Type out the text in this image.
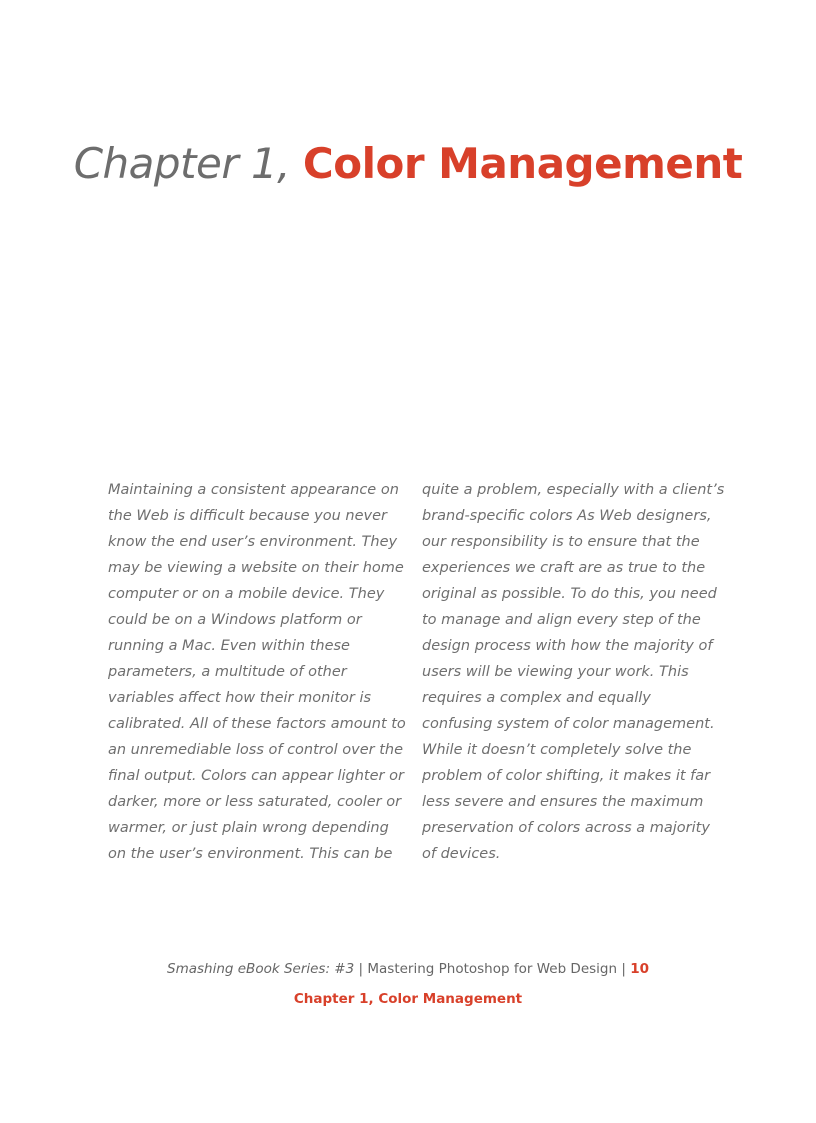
Chapter 1, Color Management
Maintaining a consistent appearance on
the Web is difficult because you never
know the end user’s environment. They
may be viewing a website on their home
computer or on a mobile device. They
could be on a Windows platform or
running a Mac. Even within these
parameters, a multitude of other
variables affect how their monitor is
calibrated. All of these factors amount to
an unremediable loss of control over the
final output. Colors can appear lighter or
darker, more or less saturated, cooler or
warmer, or just plain wrong depending
on the user’s environment. This can be
quite a problem, especially with a client’s
brand-specific colors As Web designers,
our responsibility is to ensure that the
experiences we craft are as true to the
original as possible. To do this, you need
to manage and align every step of the
design process with how the majority of
users will be viewing your work. This
requires a complex and equally
confusing system of color management.
While it doesn’t completely solve the
problem of color shifting, it makes it far
less severe and ensures the maximum
preservation of colors across a majority
of devices.
Smashing eBook Series: #3 | Mastering Photoshop for Web Design | 10
Chapter 1, Color Management
